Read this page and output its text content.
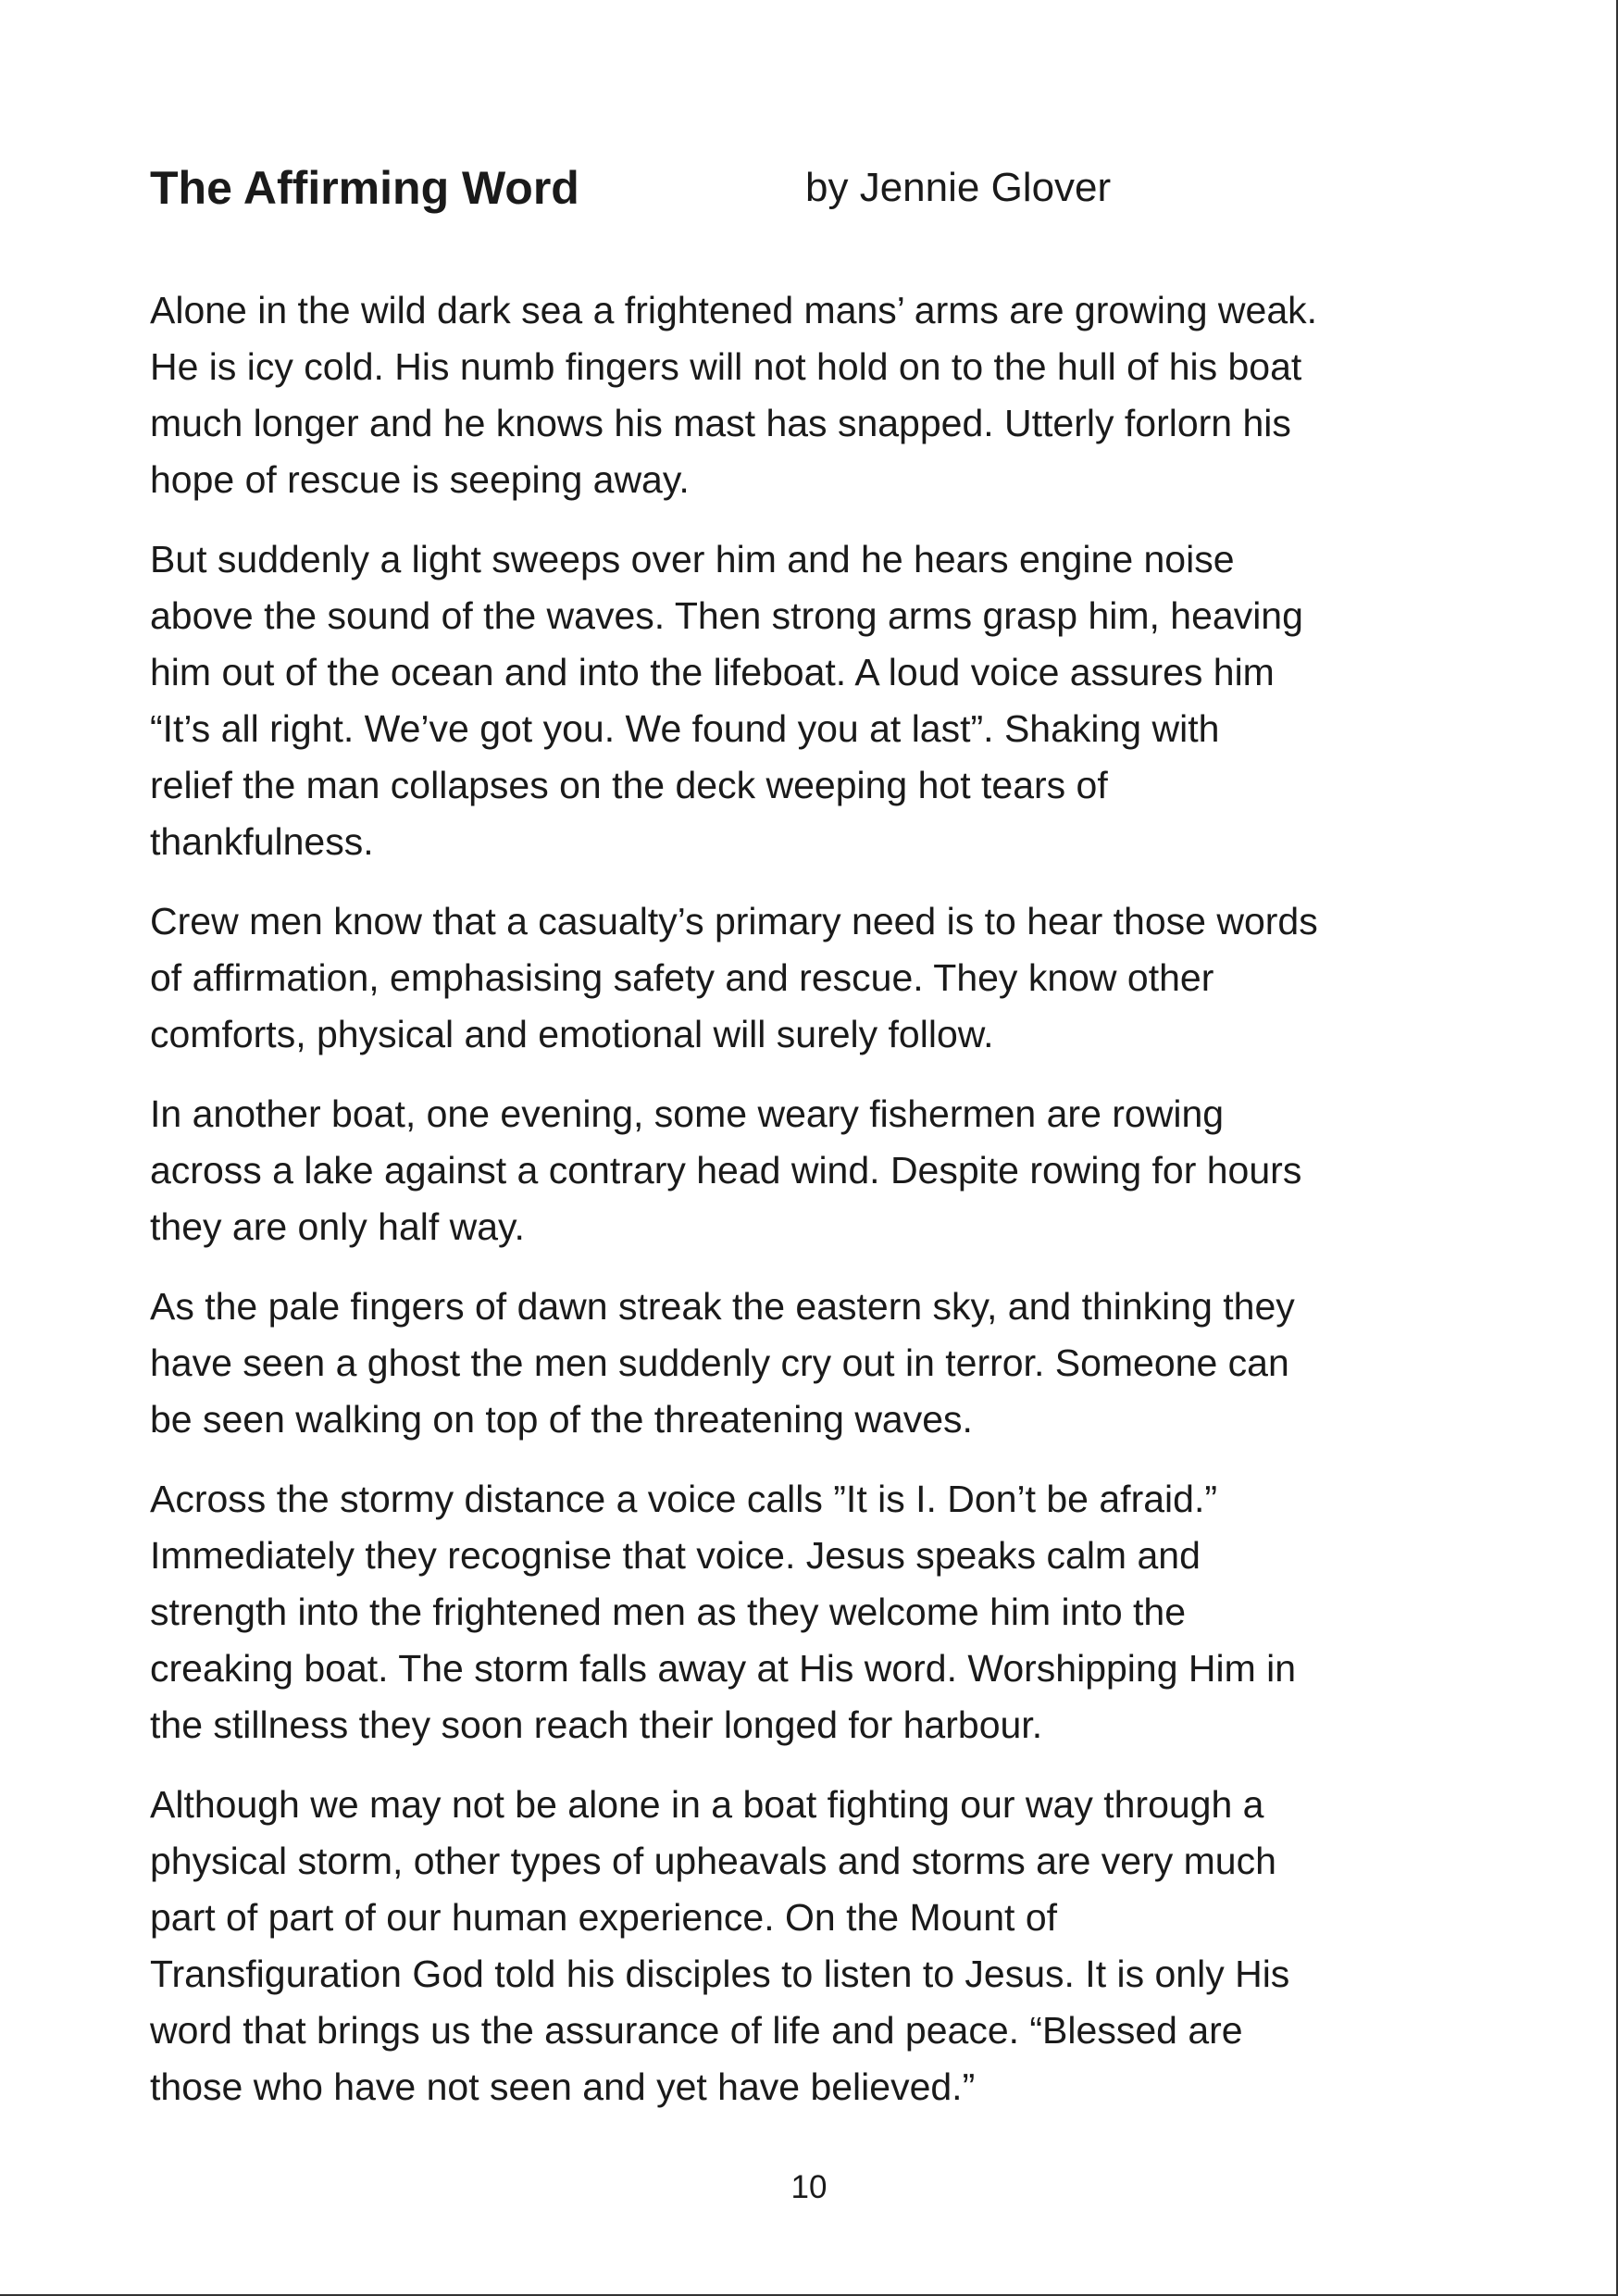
The Affirming Word	by Jennie Glover

Alone in the wild dark sea a frightened mans’ arms are growing weak.
He is icy cold. His numb fingers will not hold on to the hull of his boat
much longer and he knows his mast has snapped. Utterly forlorn his
hope of rescue is seeping away.

But suddenly a light sweeps over him and he hears engine noise
above the sound of the waves. Then strong arms grasp him, heaving
him out of the ocean and into the lifeboat. A loud voice assures him
“It’s all right. We’ve got you. We found you at last”. Shaking with
relief the man collapses on the deck weeping hot tears of
thankfulness.

Crew men know that a casualty’s primary need is to hear those words
of affirmation, emphasising safety and rescue. They know other
comforts, physical and emotional will surely follow.

In another boat, one evening, some weary fishermen are rowing
across a lake against a contrary head wind. Despite rowing for hours
they are only half way.

As the pale fingers of dawn streak the eastern sky, and thinking they
have seen a ghost the men suddenly cry out in terror. Someone can
be seen walking on top of the threatening waves.

Across the stormy distance a voice calls ”It is I. Don’t be afraid.”
Immediately they recognise that voice. Jesus speaks calm and
strength into the frightened men as they welcome him into the
creaking boat. The storm falls away at His word. Worshipping Him in
the stillness they soon reach their longed for harbour.

Although we may not be alone in a boat fighting our way through a
physical storm, other types of upheavals and storms are very much
part of part of our human experience. On the Mount of
Transfiguration God told his disciples to listen to Jesus. It is only His
word that brings us the assurance of life and peace. “Blessed are
those who have not seen and yet have believed.”

10
